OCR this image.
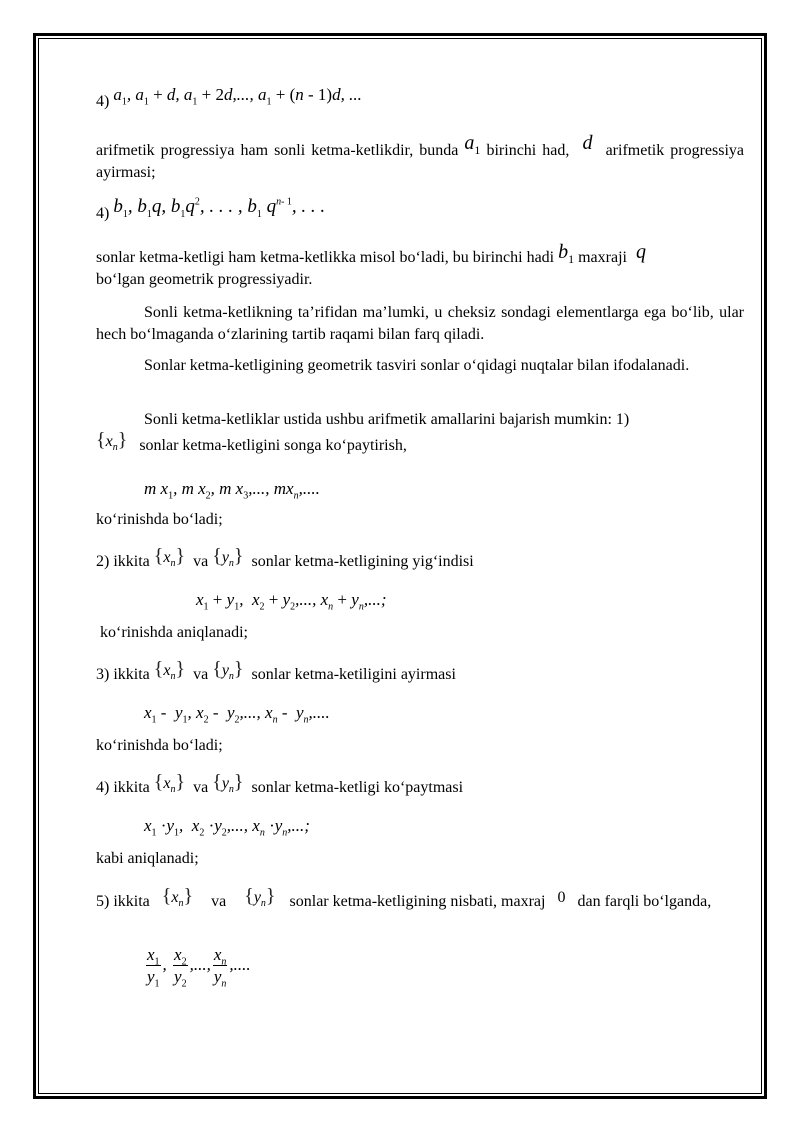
4) $a_1$, $a_1 + d$, $a_1 + 2d$,..., $a_1 + (n - 1)d$, ...
arifmetik progressiya ham sonli ketma-ketlikdir, bunda $a_1$ birinchi had,  d  arifmetik progressiya ayirmasi;
4) $b_1$, $b_1q$, $b_1q^2$, . . . , $b_1$ $q^{n- 1}$, . . .
sonlar ketma-ketligi ham ketma-ketlikka misol bo‘ladi, bu birinchi hadi $b_1$ maxraji  q
bo‘lgan geometrik progressiyadir.
Sonli ketma-ketlikning ta’rifidan ma’lumki, u cheksiz sondagi elementlarga ega bo‘lib, ular hech bo‘lmaganda o‘zlarining tartib raqami bilan farq qiladi.
Sonlar ketma-ketligining geometrik tasviri sonlar o‘qidagi nuqtalar bilan ifodalanadi.
Sonli ketma-ketliklar ustida ushbu arifmetik amallarini bajarish mumkin: 1)
$\{x_n\}$ sonlar ketma-ketligini songa ko‘paytirish,
m $x_1$, m $x_2$, m $x_3$,..., $mx_n$,....
ko‘rinishda bo‘ladi;
2) ikkita $\{x_n\}$ va $\{y_n\}$ sonlar ketma-ketligining yig‘indisi
$x_1 + y_1$,  $x_2 + y_2$,..., $x_n + y_n$,...;
ko‘rinishda aniqlanadi;
3) ikkita $\{x_n\}$ va $\{y_n\}$ sonlar ketma-ketiligini ayirmasi
$x_1 - y_1$, $x_2 - y_2$,..., $x_n - y_n$,....
ko‘rinishda bo‘ladi;
4) ikkita $\{x_n\}$ va $\{y_n\}$ sonlar ketma-ketligi ko‘paytmasi
$x_1 \cdot y_1$,  $x_2 \cdot y_2$,..., $x_n \cdot y_n$,...;
kabi aniqlanadi;
5) ikkita $\{x_n\}$ va $\{y_n\}$ sonlar ketma-ketligining nisbati, maxraj 0 dan farqli bo‘lganda,
$\frac{x_1}{y_1}$ , $\frac{x_2}{y_2}$ ,..., $\frac{x_n}{y_n}$ ,....
